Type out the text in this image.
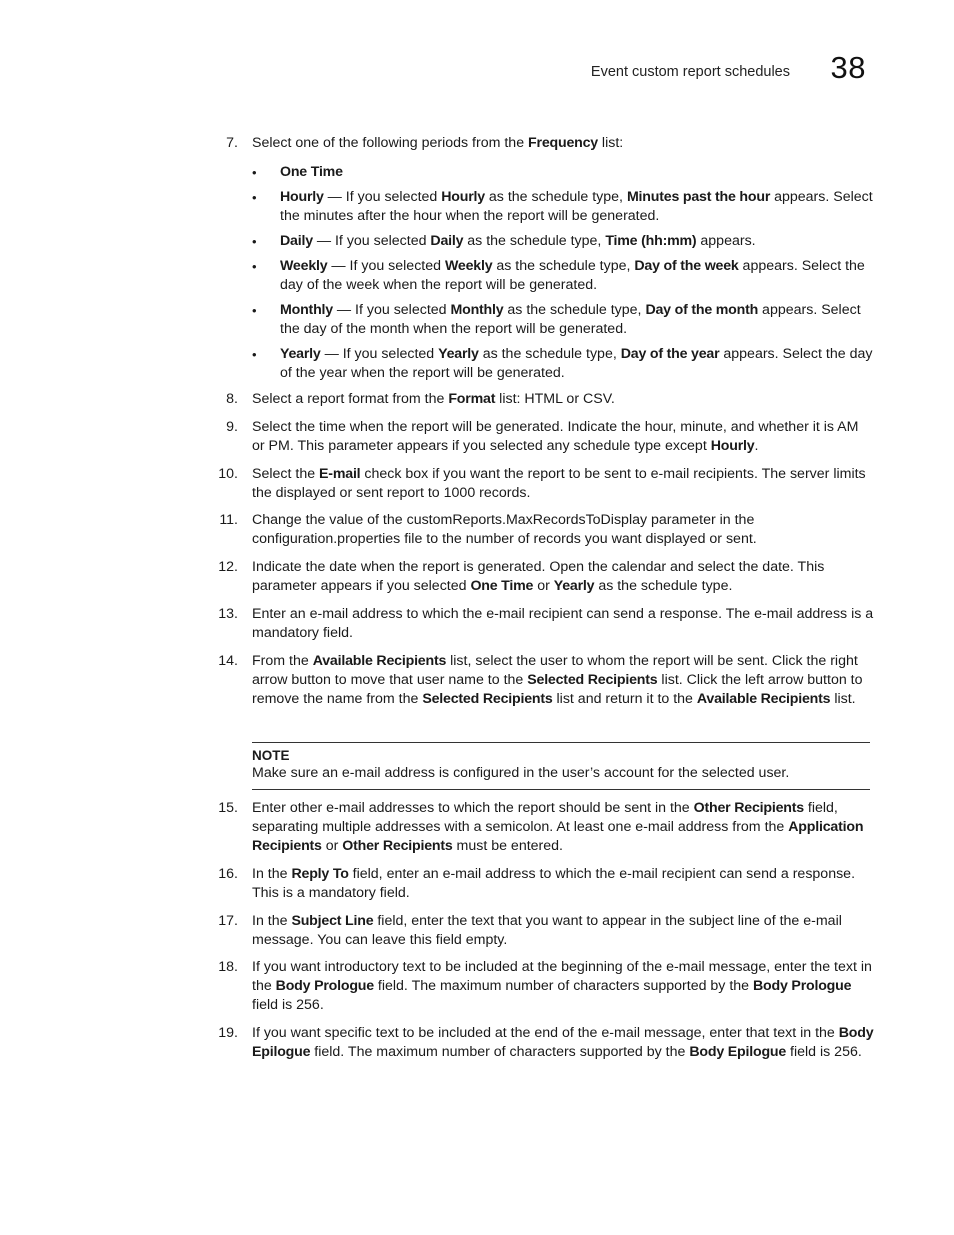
Event custom report schedules 38
7. Select one of the following periods from the Frequency list:
• One Time
• Hourly — If you selected Hourly as the schedule type, Minutes past the hour appears. Select the minutes after the hour when the report will be generated.
• Daily — If you selected Daily as the schedule type, Time (hh:mm) appears.
• Weekly — If you selected Weekly as the schedule type, Day of the week appears. Select the day of the week when the report will be generated.
• Monthly — If you selected Monthly as the schedule type, Day of the month appears. Select the day of the month when the report will be generated.
• Yearly — If you selected Yearly as the schedule type, Day of the year appears. Select the day of the year when the report will be generated.
8. Select a report format from the Format list: HTML or CSV.
9. Select the time when the report will be generated. Indicate the hour, minute, and whether it is AM or PM. This parameter appears if you selected any schedule type except Hourly.
10. Select the E-mail check box if you want the report to be sent to e-mail recipients. The server limits the displayed or sent report to 1000 records.
11. Change the value of the customReports.MaxRecordsToDisplay parameter in the configuration.properties file to the number of records you want displayed or sent.
12. Indicate the date when the report is generated. Open the calendar and select the date. This parameter appears if you selected One Time or Yearly as the schedule type.
13. Enter an e-mail address to which the e-mail recipient can send a response. The e-mail address is a mandatory field.
14. From the Available Recipients list, select the user to whom the report will be sent. Click the right arrow button to move that user name to the Selected Recipients list. Click the left arrow button to remove the name from the Selected Recipients list and return it to the Available Recipients list.
NOTE
Make sure an e-mail address is configured in the user’s account for the selected user.
15. Enter other e-mail addresses to which the report should be sent in the Other Recipients field, separating multiple addresses with a semicolon. At least one e-mail address from the Application Recipients or Other Recipients must be entered.
16. In the Reply To field, enter an e-mail address to which the e-mail recipient can send a response. This is a mandatory field.
17. In the Subject Line field, enter the text that you want to appear in the subject line of the e-mail message. You can leave this field empty.
18. If you want introductory text to be included at the beginning of the e-mail message, enter the text in the Body Prologue field. The maximum number of characters supported by the Body Prologue field is 256.
19. If you want specific text to be included at the end of the e-mail message, enter that text in the Body Epilogue field. The maximum number of characters supported by the Body Epilogue field is 256.
